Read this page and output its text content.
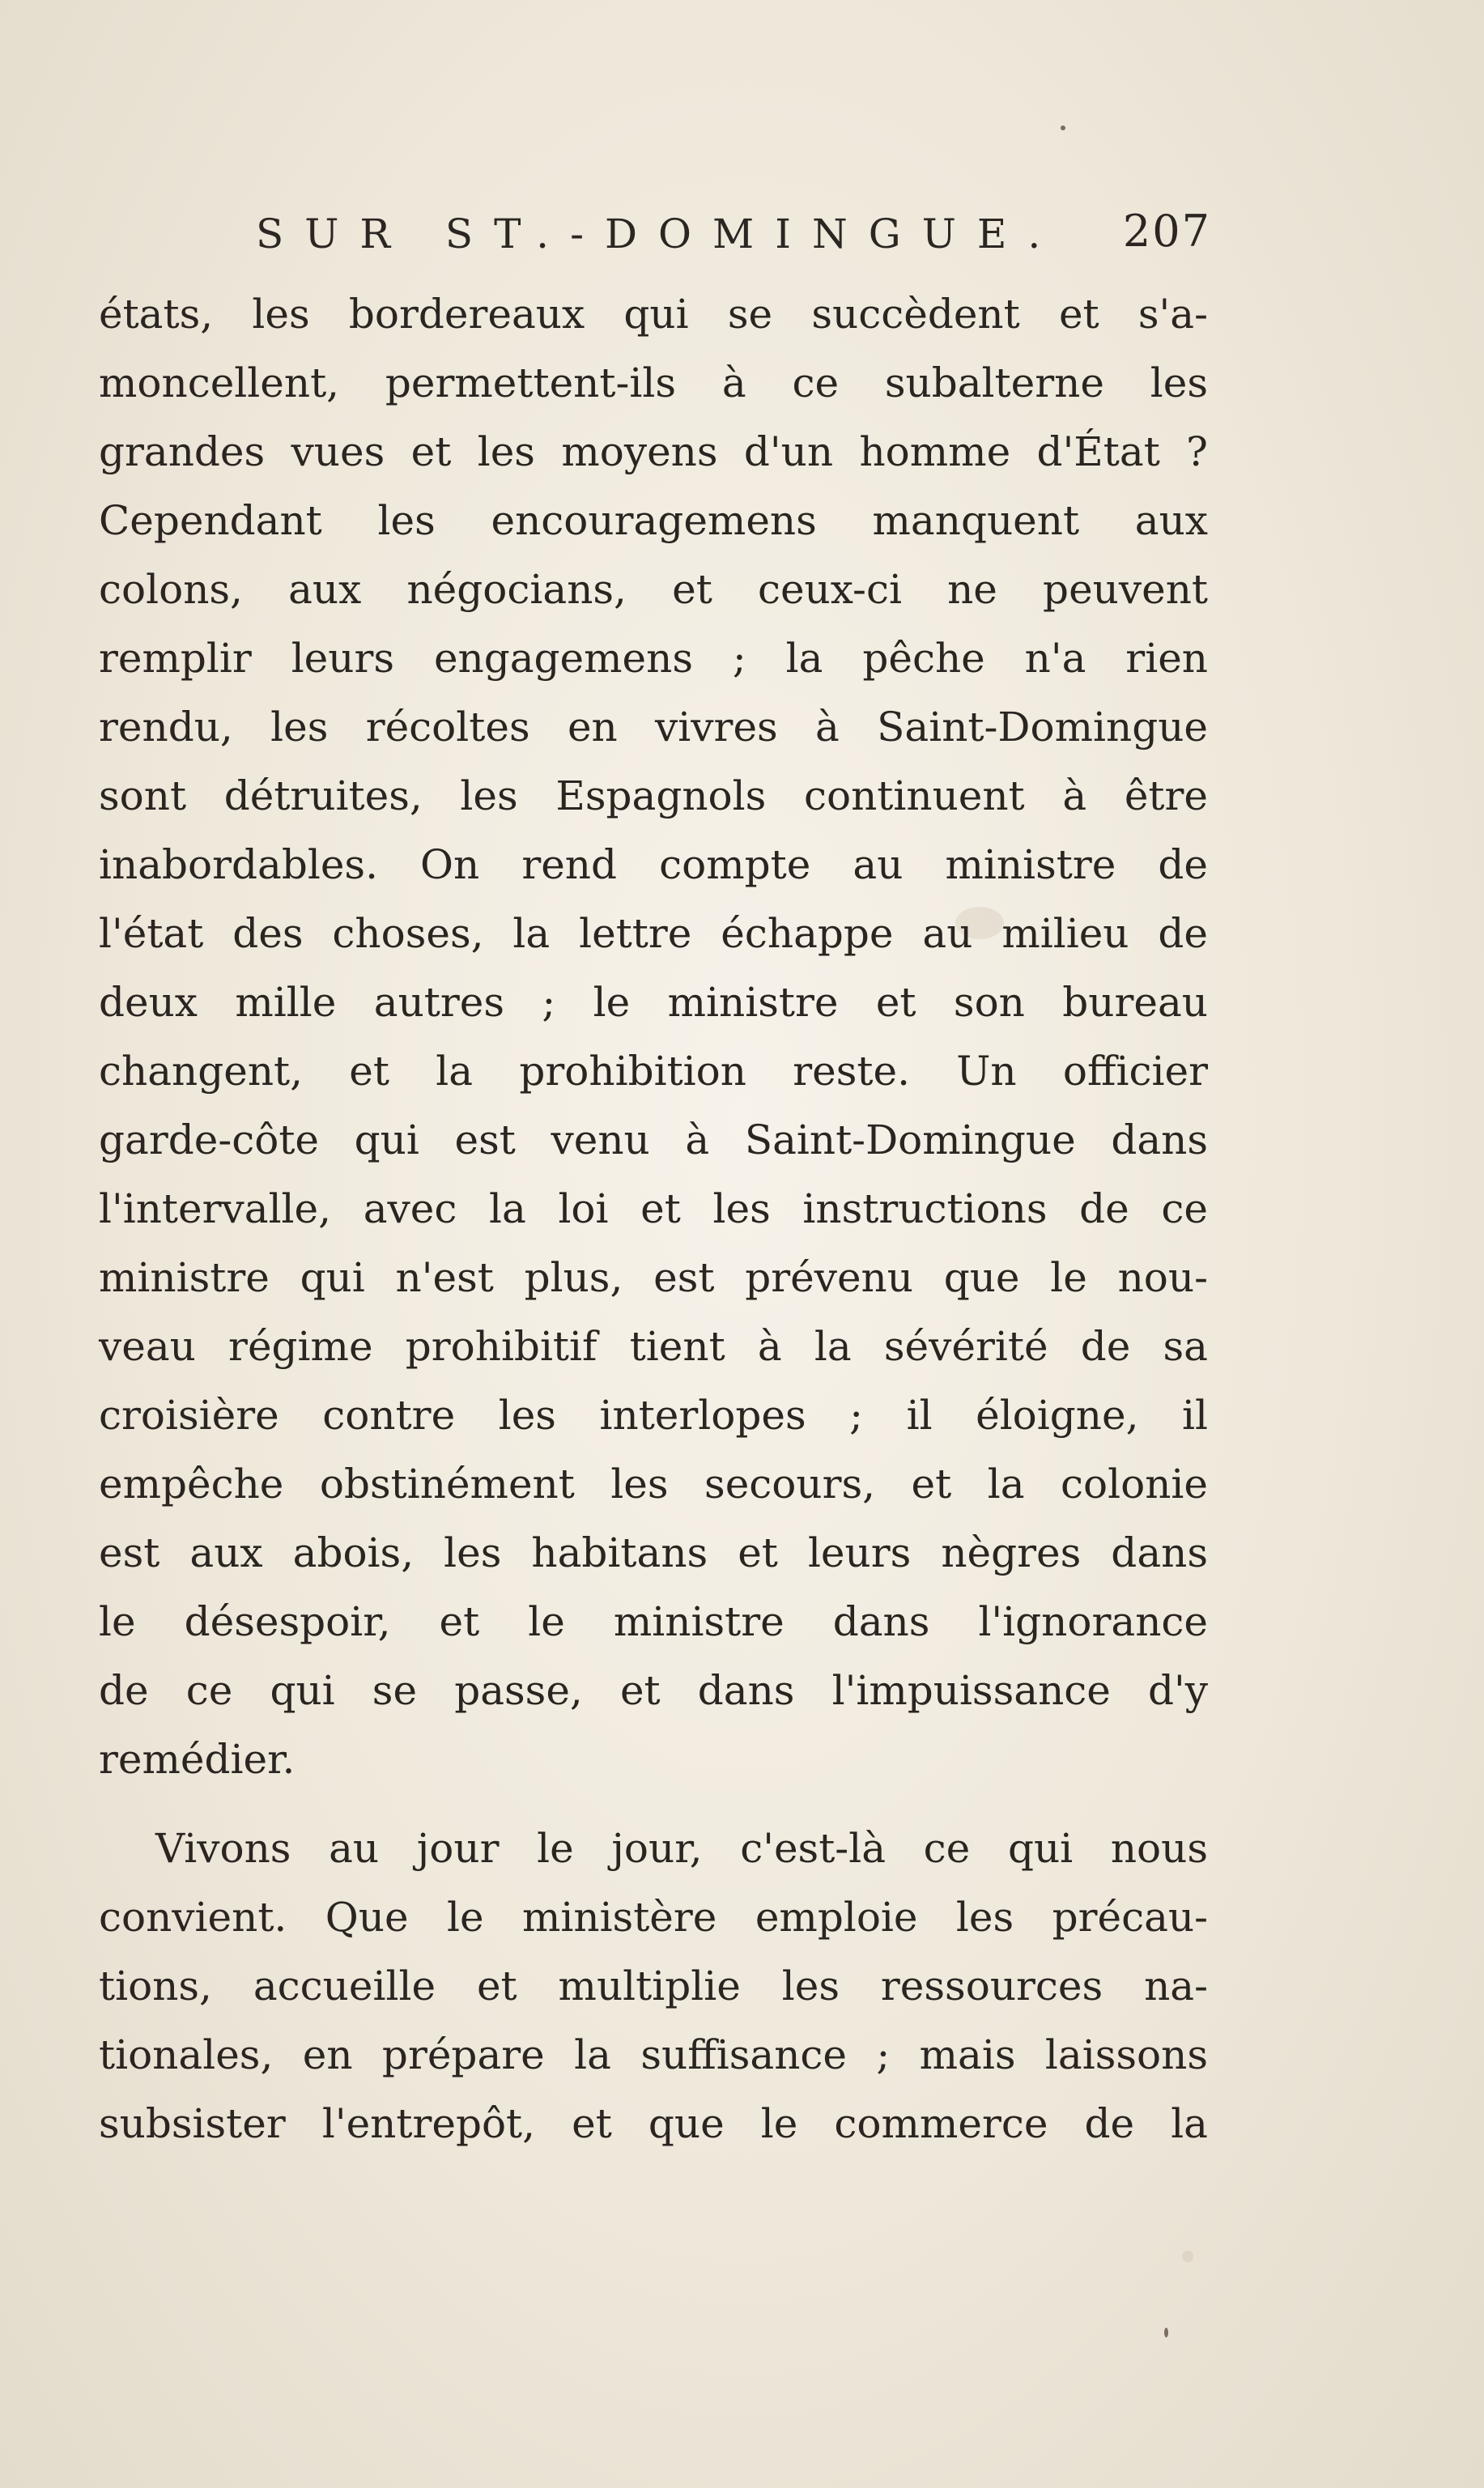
SUR ST.-DOMINGUE. 207
états, les bordereaux qui se succèdent et s'a-
moncellent, permettent-ils à ce subalterne les
grandes vues et les moyens d'un homme d'État ?
Cependant les encouragemens manquent aux
colons, aux négocians, et ceux-ci ne peuvent
remplir leurs engagemens ; la pêche n'a rien
rendu, les récoltes en vivres à Saint-Domingue
sont détruites, les Espagnols continuent à être
inabordables. On rend compte au ministre de
l'état des choses, la lettre échappe au milieu de
deux mille autres ; le ministre et son bureau
changent, et la prohibition reste. Un officier
garde-côte qui est venu à Saint-Domingue dans
l'intervalle, avec la loi et les instructions de ce
ministre qui n'est plus, est prévenu que le nou-
veau régime prohibitif tient à la sévérité de sa
croisière contre les interlopes ; il éloigne, il
empêche obstinément les secours, et la colonie
est aux abois, les habitans et leurs nègres dans
le désespoir, et le ministre dans l'ignorance
de ce qui se passe, et dans l'impuissance d'y
remédier.
Vivons au jour le jour, c'est-là ce qui nous
convient. Que le ministère emploie les précau-
tions, accueille et multiplie les ressources na-
tionales, en prépare la suffisance ; mais laissons
subsister l'entrepôt, et que le commerce de la
